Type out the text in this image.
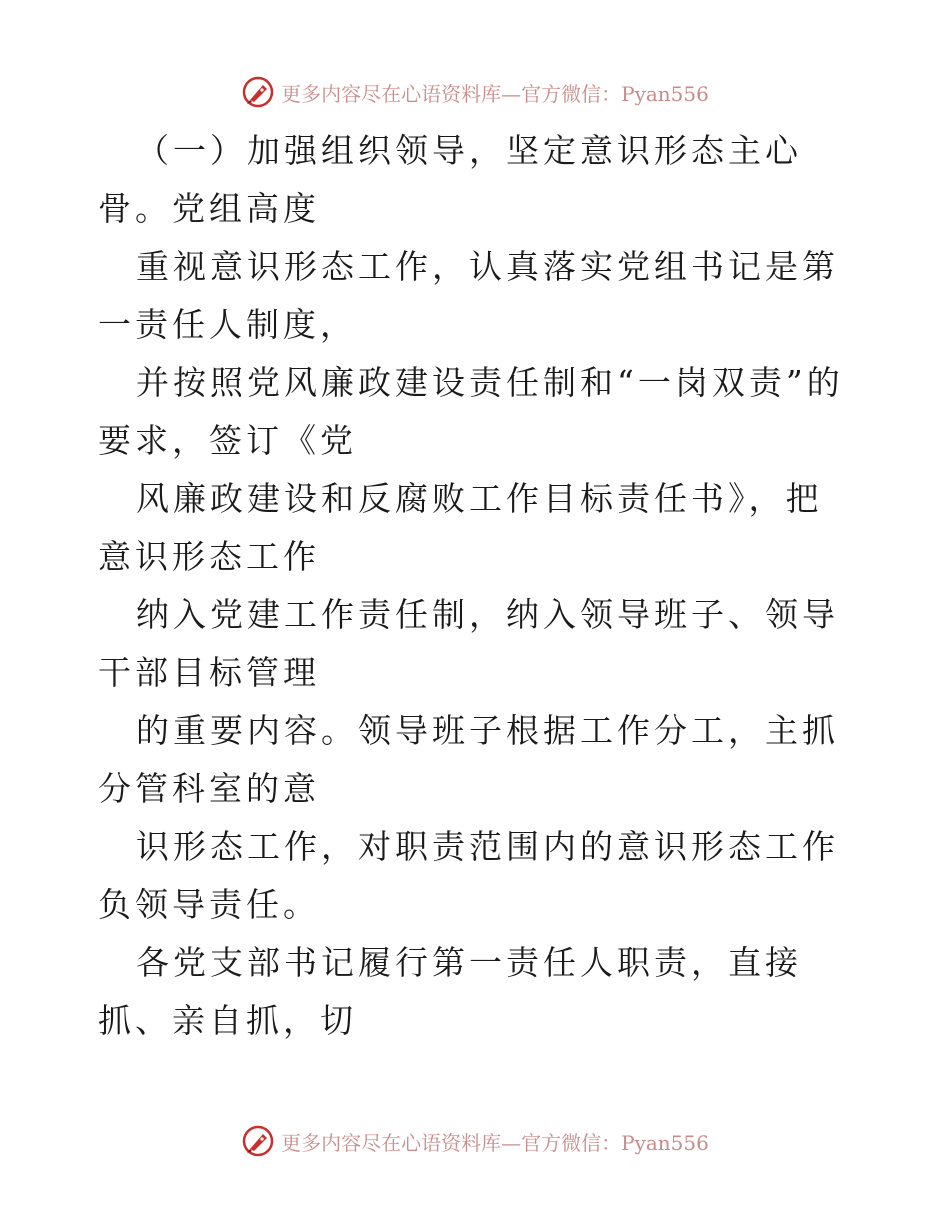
更多内容尽在心语资料库—官方微信：Pyan556

（一）加强组织领导，坚定意识形态主心骨。党组高度

重视意识形态工作，认真落实党组书记是第一责任人制度，

并按照党风廉政建设责任制和“一岗双责”的要求，签订《党

风廉政建设和反腐败工作目标责任书》，把意识形态工作

纳入党建工作责任制，纳入领导班子、领导干部目标管理

的重要内容。领导班子根据工作分工，主抓分管科室的意

识形态工作，对职责范围内的意识形态工作负领导责任。

各党支部书记履行第一责任人职责，直接抓、亲自抓，切

更多内容尽在心语资料库—官方微信：Pyan556
